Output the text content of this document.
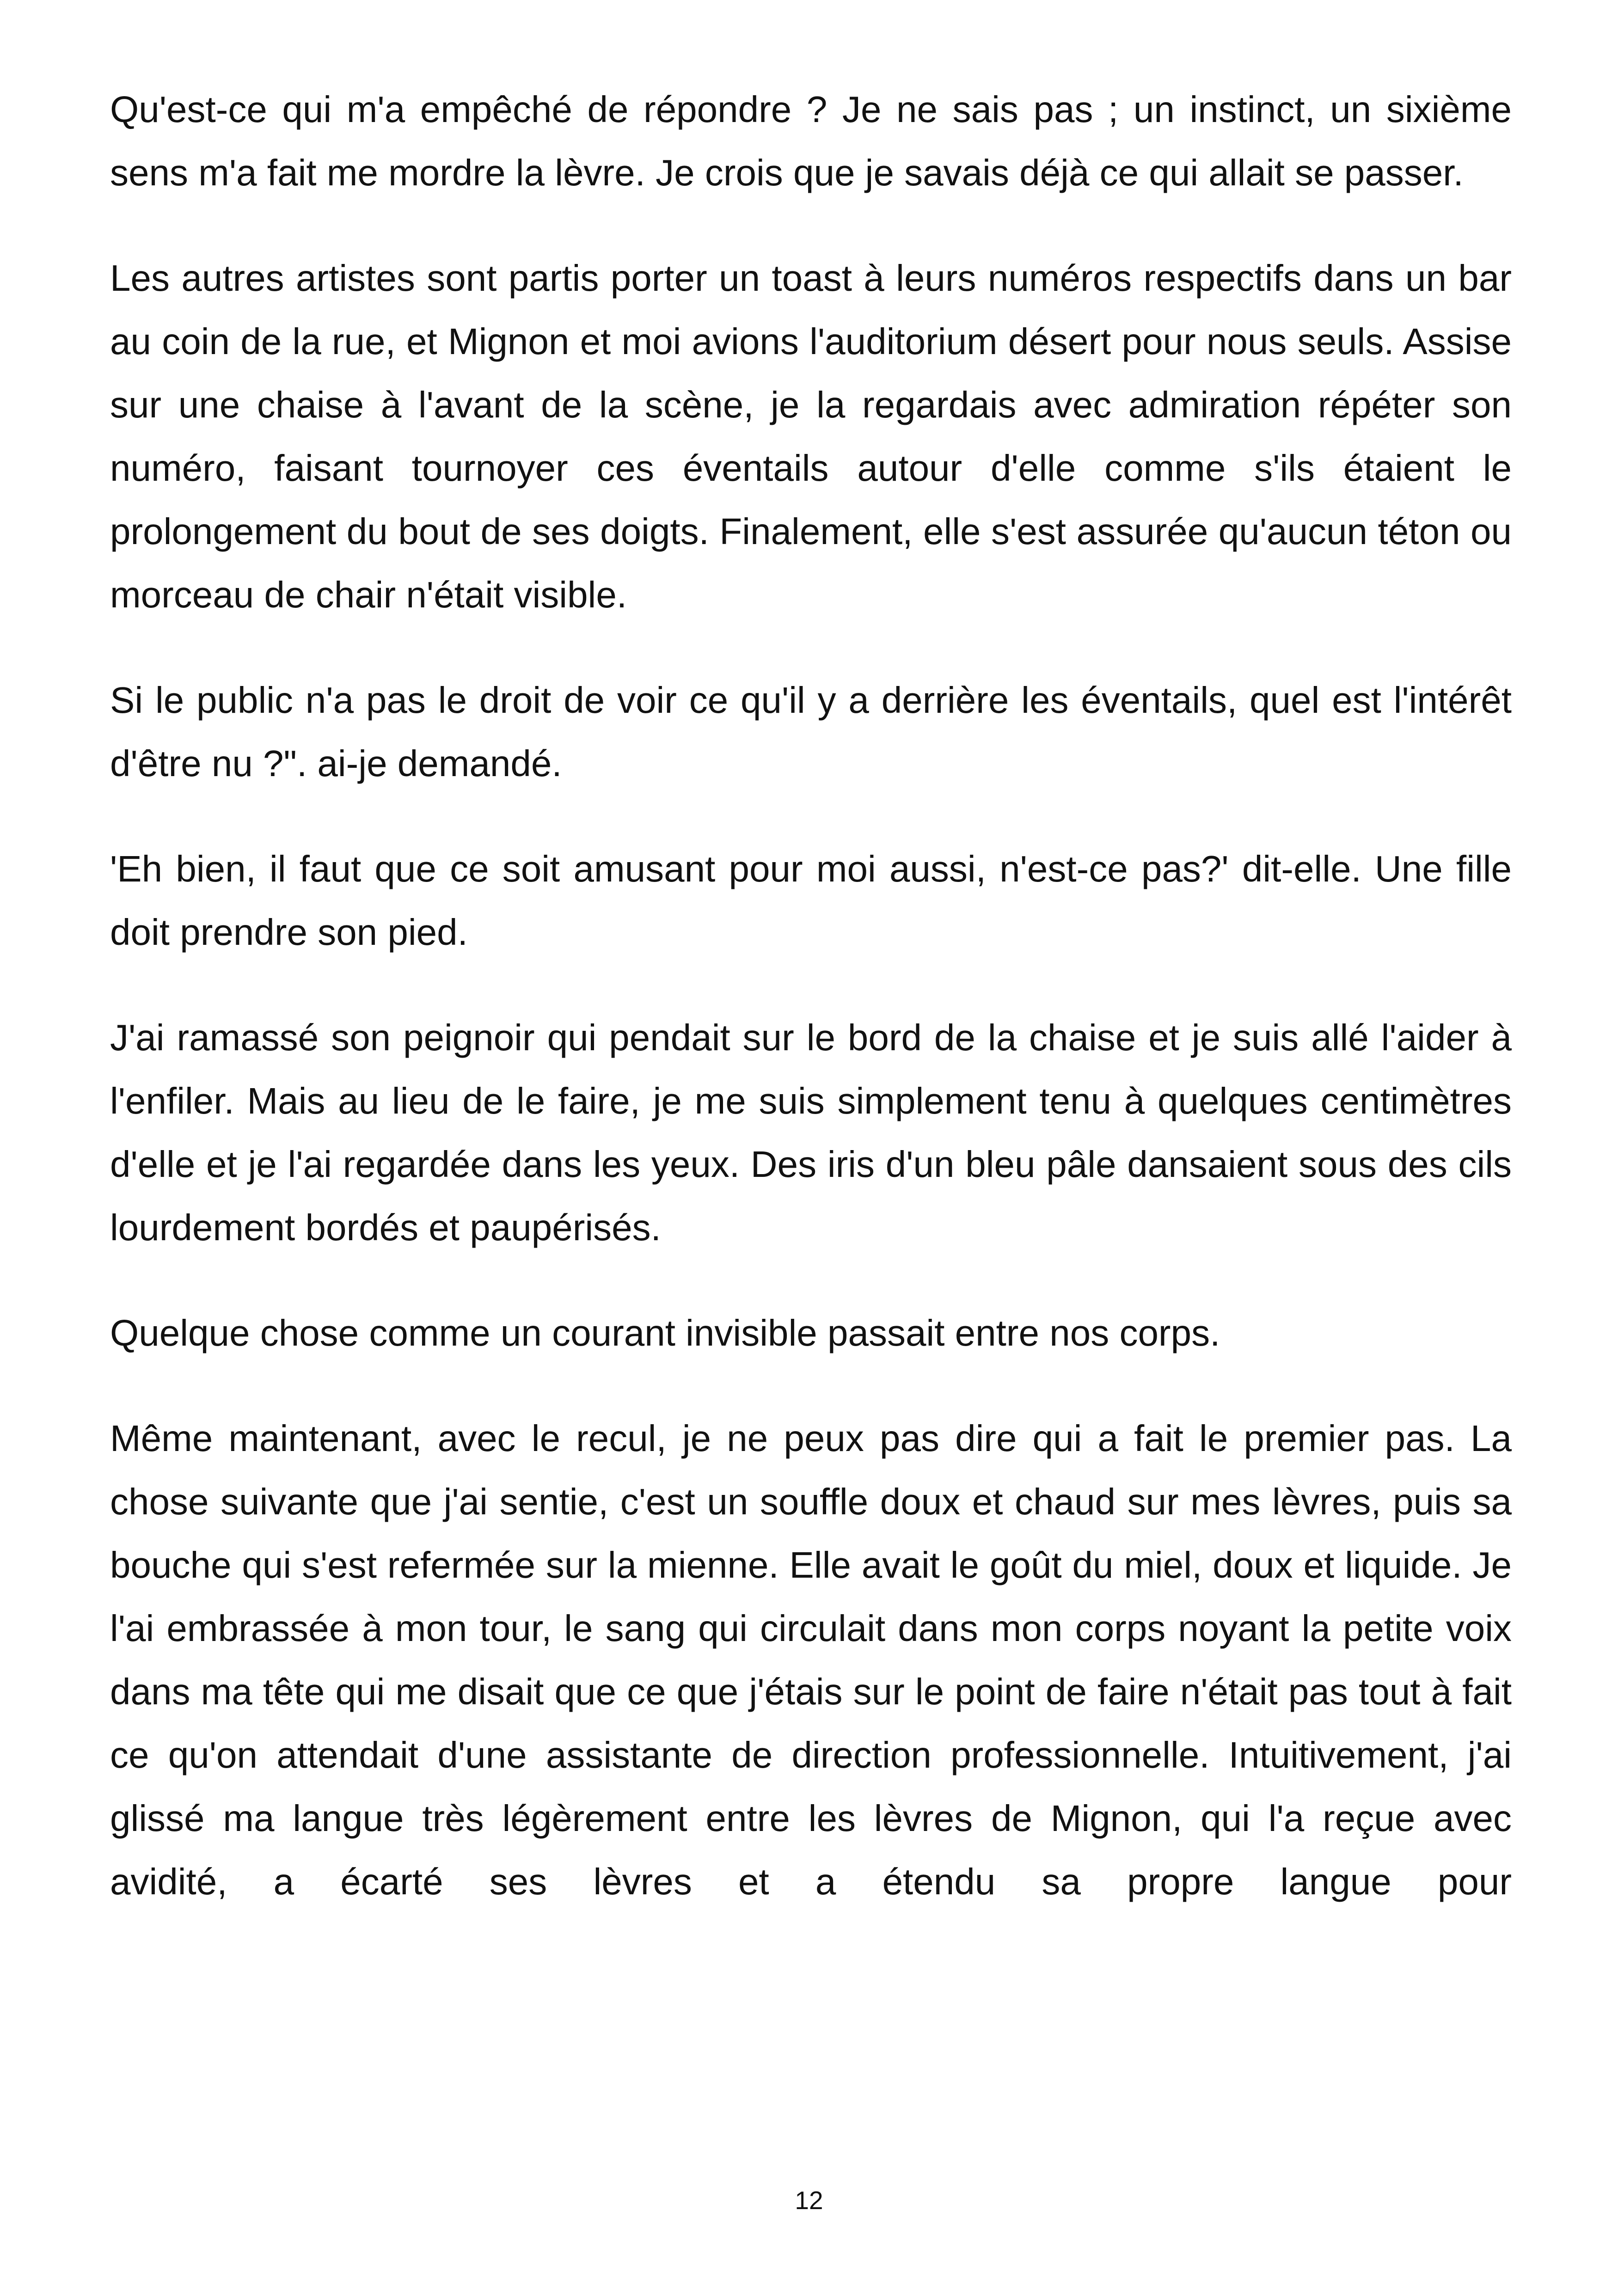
Qu'est-ce qui m'a empêché de répondre ? Je ne sais pas ; un instinct, un sixième sens m'a fait me mordre la lèvre. Je crois que je savais déjà ce qui allait se passer.

Les autres artistes sont partis porter un toast à leurs numéros respectifs dans un bar au coin de la rue, et Mignon et moi avions l'auditorium désert pour nous seuls. Assise sur une chaise à l'avant de la scène, je la regardais avec admiration répéter son numéro, faisant tournoyer ces éventails autour d'elle comme s'ils étaient le prolongement du bout de ses doigts. Finalement, elle s'est assurée qu'aucun téton ou morceau de chair n'était visible.

Si le public n'a pas le droit de voir ce qu'il y a derrière les éventails, quel est l'intérêt d'être nu ?". ai-je demandé.

'Eh bien, il faut que ce soit amusant pour moi aussi, n'est-ce pas?' dit-elle. Une fille doit prendre son pied.

J'ai ramassé son peignoir qui pendait sur le bord de la chaise et je suis allé l'aider à l'enfiler. Mais au lieu de le faire, je me suis simplement tenu à quelques centimètres d'elle et je l'ai regardée dans les yeux. Des iris d'un bleu pâle dansaient sous des cils lourdement bordés et paupérisés.

Quelque chose comme un courant invisible passait entre nos corps.

Même maintenant, avec le recul, je ne peux pas dire qui a fait le premier pas. La chose suivante que j'ai sentie, c'est un souffle doux et chaud sur mes lèvres, puis sa bouche qui s'est refermée sur la mienne. Elle avait le goût du miel, doux et liquide. Je l'ai embrassée à mon tour, le sang qui circulait dans mon corps noyant la petite voix dans ma tête qui me disait que ce que j'étais sur le point de faire n'était pas tout à fait ce qu'on attendait d'une assistante de direction professionnelle. Intuitivement, j'ai glissé ma langue très légèrement entre les lèvres de Mignon, qui l'a reçue avec avidité, a écarté ses lèvres et a étendu sa propre langue pour

12
